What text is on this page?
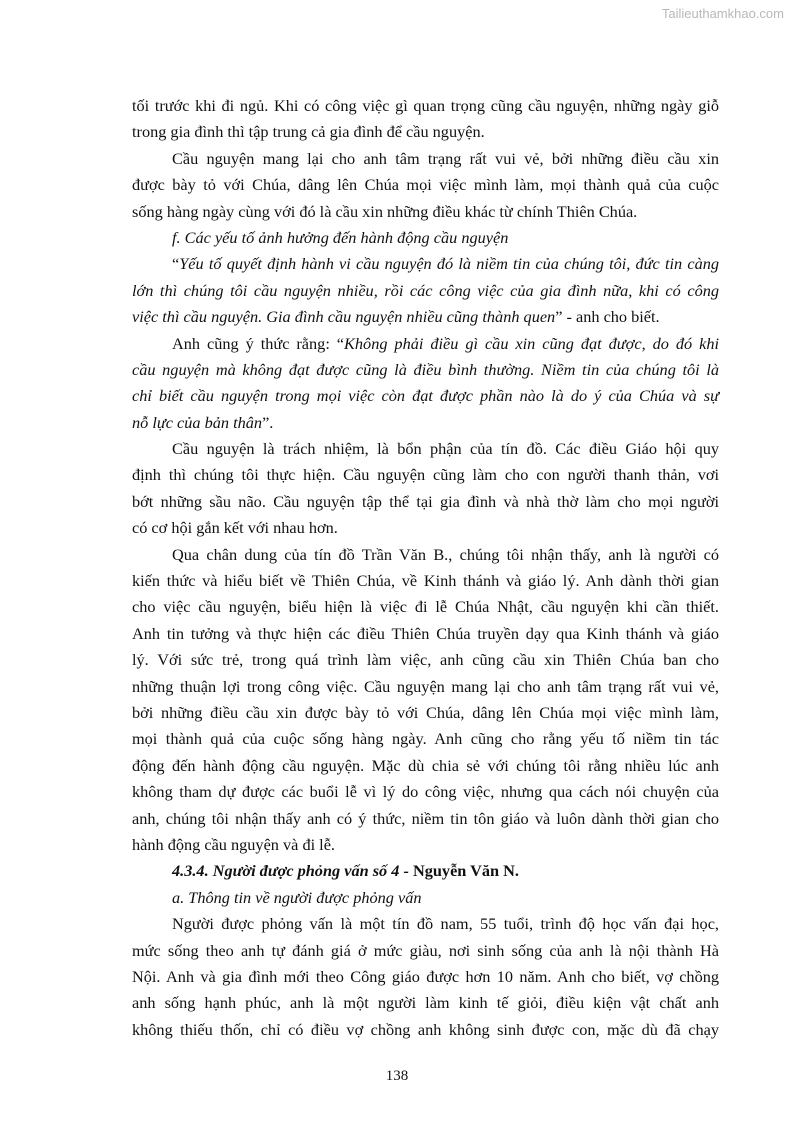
Tailieuthamkhao.com
tối trước khi đi ngủ. Khi có công việc gì quan trọng cũng cầu nguyện, những ngày giỗ
trong gia đình thì tập trung cả gia đình để cầu nguyện.
Cầu nguyện mang lại cho anh tâm trạng rất vui vẻ, bởi những điều cầu xin
được bày tỏ với Chúa, dâng lên Chúa mọi việc mình làm, mọi thành quả của cuộc
sống hàng ngày cùng với đó là cầu xin những điều khác từ chính Thiên Chúa.
f. Các yếu tố ảnh hưởng đến hành động cầu nguyện
“Yếu tố quyết định hành vi cầu nguyện đó là niềm tin của chúng tôi, đức tin càng
lớn thì chúng tôi cầu nguyện nhiều, rồi các công việc của gia đình nữa, khi có công
việc thì cầu nguyện. Gia đình cầu nguyện nhiều cũng thành quen” - anh cho biết.
Anh cũng ý thức rằng: “Không phải điều gì cầu xin cũng đạt được, do đó khi
cầu nguyện mà không đạt được cũng là điều bình thường. Niềm tin của chúng tôi là
chỉ biết cầu nguyện trong mọi việc còn đạt được phần nào là do ý của Chúa và sự
nỗ lực của bản thân”.
Cầu nguyện là trách nhiệm, là bổn phận của tín đồ. Các điều Giáo hội quy
định thì chúng tôi thực hiện. Cầu nguyện cũng làm cho con người thanh thản, vơi
bớt những sầu não. Cầu nguyện tập thể tại gia đình và nhà thờ làm cho mọi người
có cơ hội gắn kết với nhau hơn.
Qua chân dung của tín đồ Trần Văn B., chúng tôi nhận thấy, anh là người có
kiến thức và hiểu biết về Thiên Chúa, về Kinh thánh và giáo lý. Anh dành thời gian
cho việc cầu nguyện, biểu hiện là việc đi lễ Chúa Nhật, cầu nguyện khi cần thiết.
Anh tin tưởng và thực hiện các điều Thiên Chúa truyền dạy qua Kinh thánh và giáo
lý. Với sức trẻ, trong quá trình làm việc, anh cũng cầu xin Thiên Chúa ban cho
những thuận lợi trong công việc. Cầu nguyện mang lại cho anh tâm trạng rất vui vẻ,
bởi những điều cầu xin được bày tỏ với Chúa, dâng lên Chúa mọi việc mình làm,
mọi thành quả của cuộc sống hàng ngày. Anh cũng cho rằng yếu tố niềm tin tác
động đến hành động cầu nguyện. Mặc dù chia sẻ với chúng tôi rằng nhiều lúc anh
không tham dự được các buổi lễ vì lý do công việc, nhưng qua cách nói chuyện của
anh, chúng tôi nhận thấy anh có ý thức, niềm tin tôn giáo và luôn dành thời gian cho
hành động cầu nguyện và đi lễ.
4.3.4. Người được phỏng vấn số 4 - Nguyễn Văn N.
a. Thông tin về người được phỏng vấn
Người được phỏng vấn là một tín đồ nam, 55 tuổi, trình độ học vấn đại học,
mức sống theo anh tự đánh giá ở mức giàu, nơi sinh sống của anh là nội thành Hà
Nội. Anh và gia đình mới theo Công giáo được hơn 10 năm. Anh cho biết, vợ chồng
anh sống hạnh phúc, anh là một người làm kinh tế giỏi, điều kiện vật chất anh
không thiếu thốn, chỉ có điều vợ chồng anh không sinh được con, mặc dù đã chạy
138
